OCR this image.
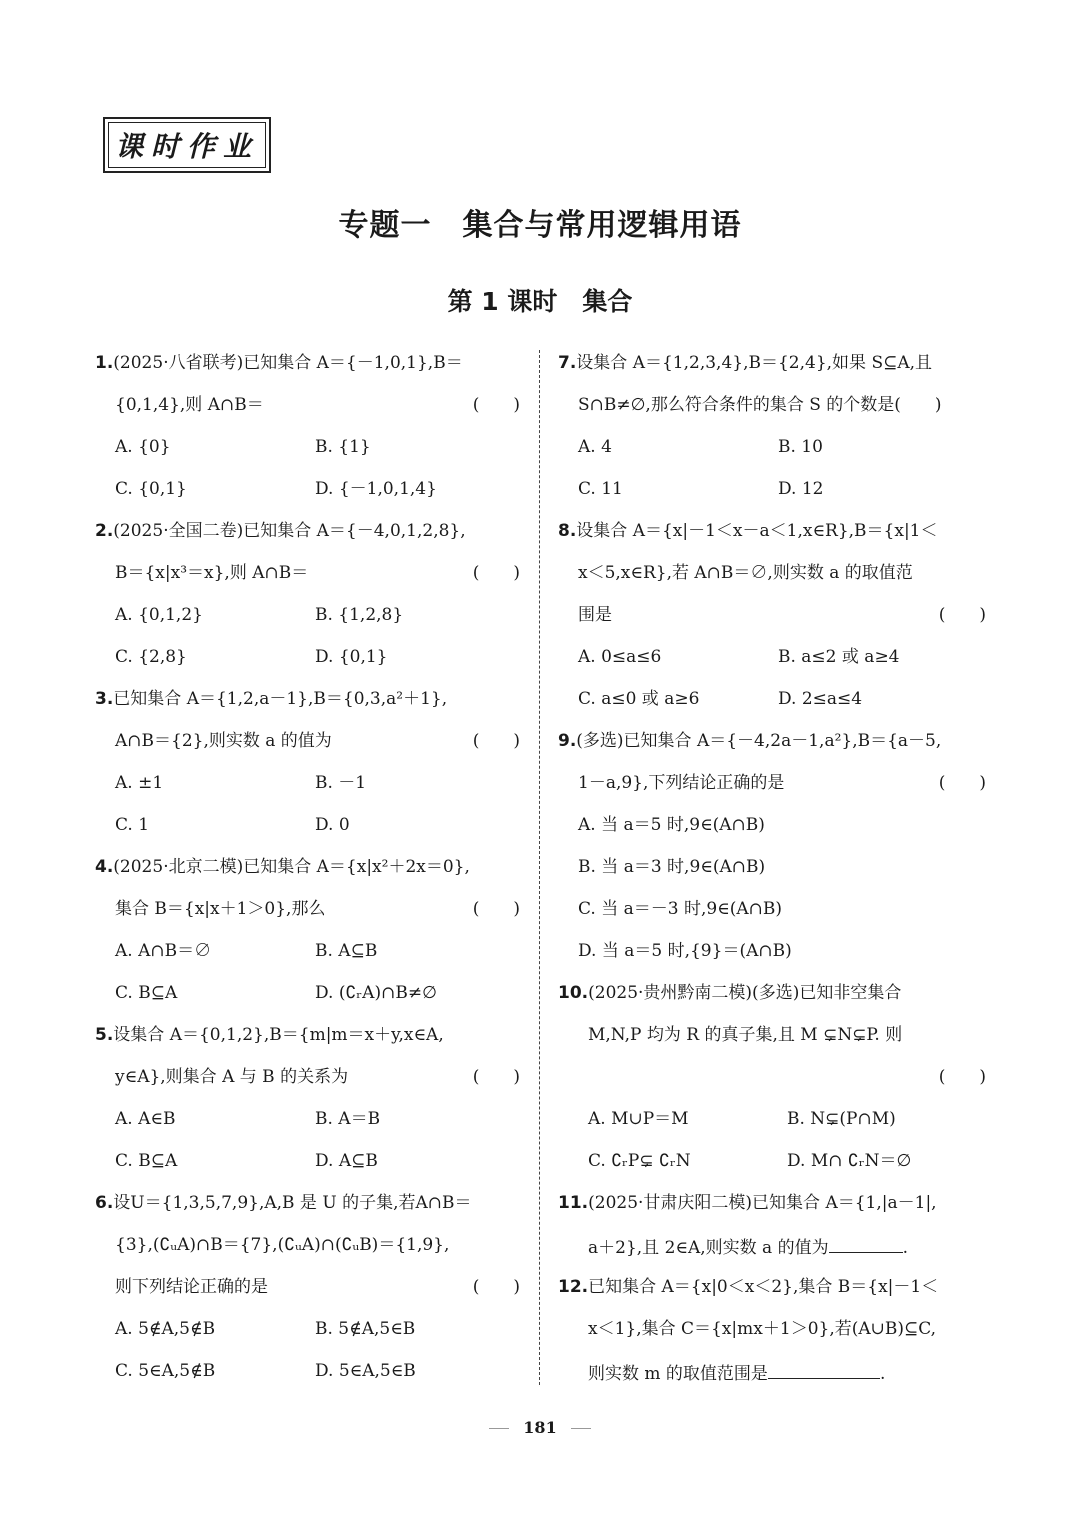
课时作业
专题一　集合与常用逻辑用语
第 1 课时　集合
1.(2025·八省联考)已知集合 A＝{－1,0,1},B＝
{0,1,4},则 A∩B＝	(　　)
A. {0}	B. {1}
C. {0,1}	D. {－1,0,1,4}
2.(2025·全国二卷)已知集合 A＝{－4,0,1,2,8},
B＝{x|x³＝x},则 A∩B＝	(　　)
A. {0,1,2}	B. {1,2,8}
C. {2,8}	D. {0,1}
3.已知集合 A＝{1,2,a－1},B＝{0,3,a²＋1},
A∩B＝{2},则实数 a 的值为	(　　)
A. ±1	B. －1
C. 1	D. 0
4.(2025·北京二模)已知集合 A＝{x|x²＋2x＝0},
集合 B＝{x|x＋1＞0},那么	(　　)
A. A∩B＝∅	B. A⊆B
C. B⊆A	D. (∁ᵣA)∩B≠∅
5.设集合 A＝{0,1,2},B＝{m|m＝x＋y,x∈A,
y∈A},则集合 A 与 B 的关系为	(　　)
A. A∈B	B. A＝B
C. B⊆A	D. A⊆B
6.设U＝{1,3,5,7,9},A,B 是 U 的子集,若A∩B＝
{3},(∁ᵤA)∩B＝{7},(∁ᵤA)∩(∁ᵤB)＝{1,9},
则下列结论正确的是	(　　)
A. 5∉A,5∉B	B. 5∉A,5∈B
C. 5∈A,5∉B	D. 5∈A,5∈B
7.设集合 A＝{1,2,3,4},B＝{2,4},如果 S⊆A,且
S∩B≠∅,那么符合条件的集合 S 的个数是(　　)
A. 4	B. 10
C. 11	D. 12
8.设集合 A＝{x|－1＜x－a＜1,x∈R},B＝{x|1＜
x＜5,x∈R},若 A∩B＝∅,则实数 a 的取值范
围是	(　　)
A. 0≤a≤6	B. a≤2 或 a≥4
C. a≤0 或 a≥6	D. 2≤a≤4
9.(多选)已知集合 A＝{－4,2a－1,a²},B＝{a－5,
1－a,9},下列结论正确的是	(　　)
A. 当 a＝5 时,9∈(A∩B)
B. 当 a＝3 时,9∈(A∩B)
C. 当 a＝－3 时,9∈(A∩B)
D. 当 a＝5 时,{9}＝(A∩B)
10.(2025·贵州黔南二模)(多选)已知非空集合
M,N,P 均为 R 的真子集,且 M ⊊N⊊P. 则
(　　)
A. M∪P＝M	B. N⊊(P∩M)
C. ∁ᵣP⊊ ∁ᵣN	D. M∩ ∁ᵣN＝∅
11.(2025·甘肃庆阳二模)已知集合 A＝{1,|a－1|,
a＋2},且 2∈A,则实数 a 的值为	.
12.已知集合 A＝{x|0＜x＜2},集合 B＝{x|－1＜
x＜1},集合 C＝{x|mx＋1＞0},若(A∪B)⊆C,
则实数 m 的取值范围是	.
181
